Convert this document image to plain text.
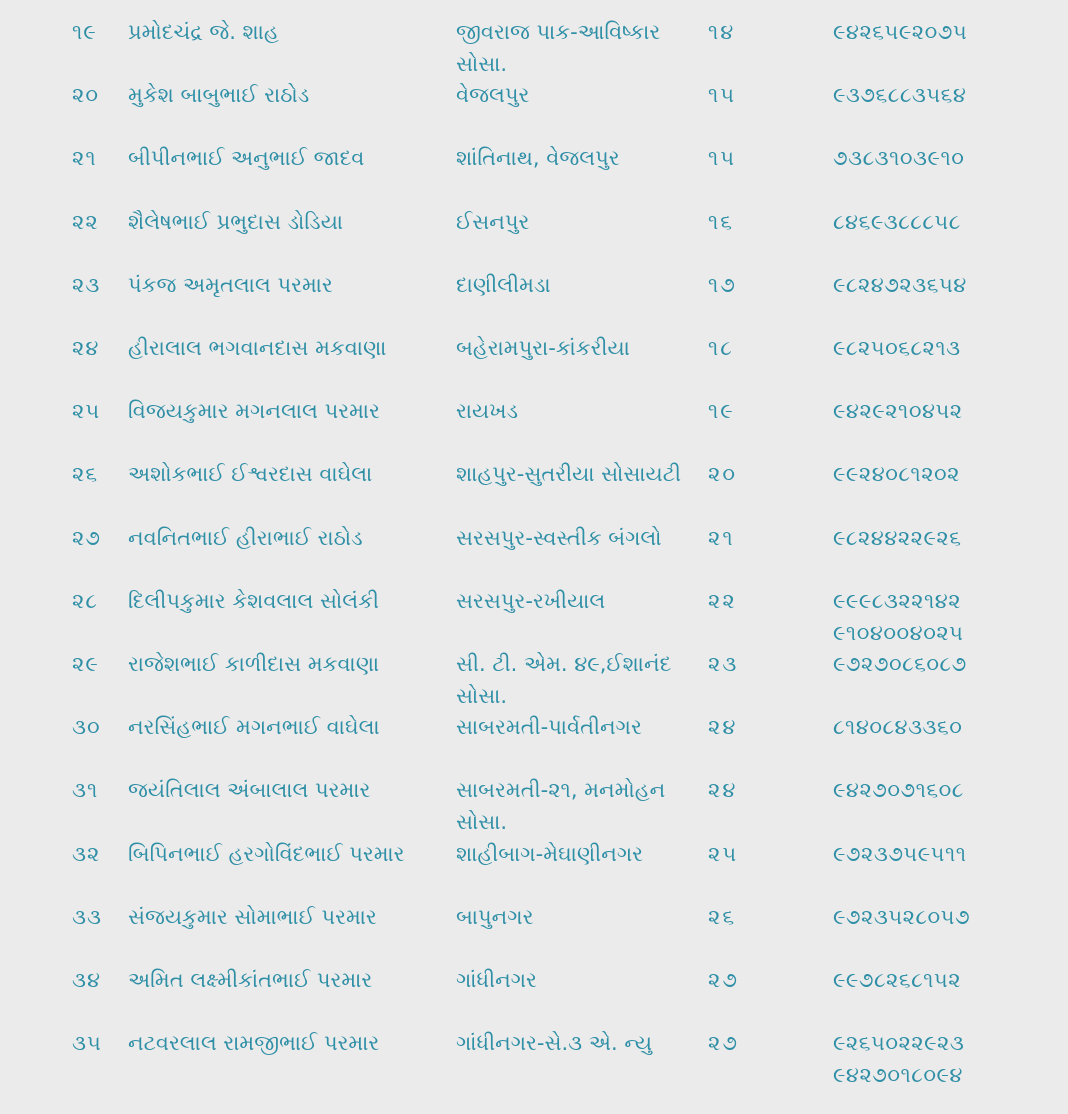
૧૯	પ્રમોદચંદ્ર જે. શાહ	જીવરાજ પાક-આવિષ્કાર
સોસા.
૧૪	૯૪૨૬૫૯૨૦૭૫
૨૦	મુકેશ બાબુભાઈ રાઠોડ	વેજલપુર	૧૫	૯૩૭૬૮૮૩૫૬૪
૨૧	બીપીનભાઈ અનુભાઈ જાદવ	શાંતિનાથ, વેજલપુર	૧૫	૭૩૮૩૧૦૩૯૧૦
૨૨	શૈલેષભાઈ પ્રભુદાસ ડોડિયા	ઈસનપુર	૧૬	૮૪૬૯૩૮૮૮૫૮
૨૩	પંકજ અમૃતલાલ પરમાર	દાણીલીમડા	૧૭	૯૮૨૪૭૨૩૬૫૪
૨૪	હીરાલાલ ભગવાનદાસ મકવાણા	બહેરામપુરા-કાંકરીયા	૧૮	૯૮૨૫૦૬૮૨૧૩
૨૫	વિજયકુમાર મગનલાલ પરમાર	રાયખડ	૧૯	૯૪૨૯૨૧૦૪૫૨
૨૬	અશોકભાઈ ઈશ્વરદાસ વાઘેલા	શાહપુર-સુતરીયા સોસાયટી	૨૦	૯૯૨૪૦૮૧૨૦૨
૨૭	નવનિતભાઈ હીરાભાઈ રાઠોડ	સરસપુર-સ્વસ્તીક બંગલો	૨૧	૯૮૨૪૪૨૨૯૨૬
૨૮	દિલીપકુમાર કેશવલાલ સોલંકી	સરસપુર-રખીયાલ	૨૨	૯૯૯૮૩૨૨૧૪૨
૯૧૦૪૦૦૪૦૨૫
૨૯	રાજેશભાઈ કાળીદાસ મકવાણા	સી. ટી. એમ. ૪૯,ઈશાનંદ
સોસા.
૨૩	૯૭૨૭૦૮૬૦૮૭
૩૦	નરસિંહભાઈ મગનભાઈ વાઘેલા	સાબરમતી-પાર્વતીનગર	૨૪	૮૧૪૦૮૪૩૩૬૦
૩૧	જયંતિલાલ અંબાલાલ પરમાર	સાબરમતી-૨૧, મનમોહન
સોસા.
૨૪	૯૪૨૭૦૭૧૬૦૮
૩૨	બિપિનભાઈ હરગોવિંદભાઈ પરમાર	શાહીબાગ-મેઘાણીનગર	૨૫	૯૭૨૩૭૫૯૫૧૧
૩૩	સંજયકુમાર સોમાભાઈ પરમાર	બાપુનગર	૨૬	૯૭૨૩૫૨૮૦૫૭
૩૪	અમિત લક્ષ્મીકાંતભાઈ પરમાર	ગાંધીનગર	૨૭	૯૯૭૮૨૬૮૧૫૨
૩૫	નટવરલાલ રામજીભાઈ પરમાર	ગાંધીનગર-સે.૩ એ. ન્યુ	૨૭	૯૨૬૫૦૨૨૯૨૩
૯૪૨૭૦૧૮૦૯૪
